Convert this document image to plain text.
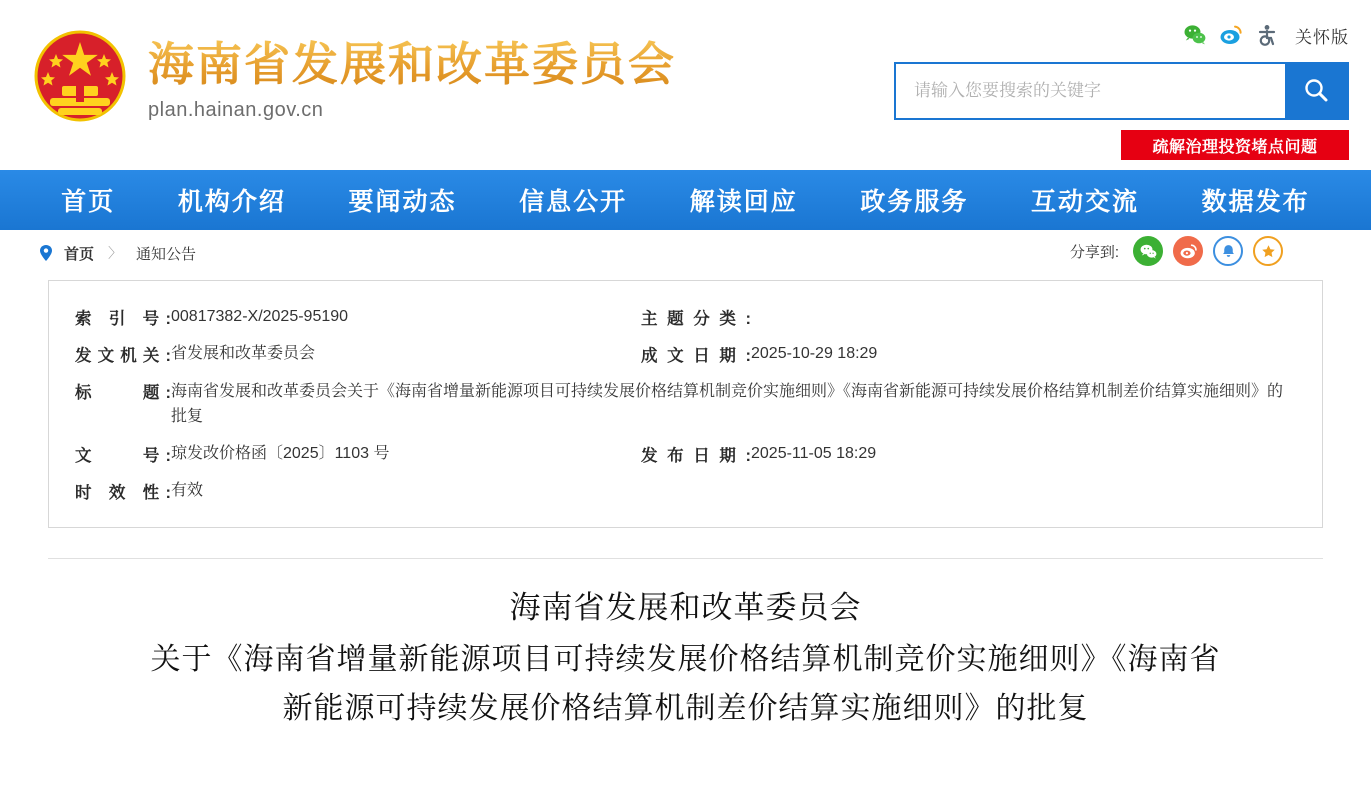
海南省发展和改革委员会
plan.hainan.gov.cn
关怀版
请输入您要搜索的关键字
疏解治理投资堵点问题
首页	机构介绍	要闻动态	信息公开	解读回应	政务服务	互动交流	数据发布
首页 〉 通知公告	分享到:
索 引 号:	00817382-X/2025-95190	主题分类:	
发文机关:	省发展和改革委员会	成文日期:	2025-10-29 18:29
标　　题:	海南省发展和改革委员会关于《海南省增量新能源项目可持续发展价格结算机制竞价实施细则》《海南省新能源可持续发展价格结算机制差价结算实施细则》的批复		
文　　号:	琼发改价格函〔2025〕1103 号	发布日期:	2025-11-05 18:29
时 效 性:	有效		
海南省发展和改革委员会
关于《海南省增量新能源项目可持续发展价格结算机制竞价实施细则》《海南省
新能源可持续发展价格结算机制差价结算实施细则》的批复
